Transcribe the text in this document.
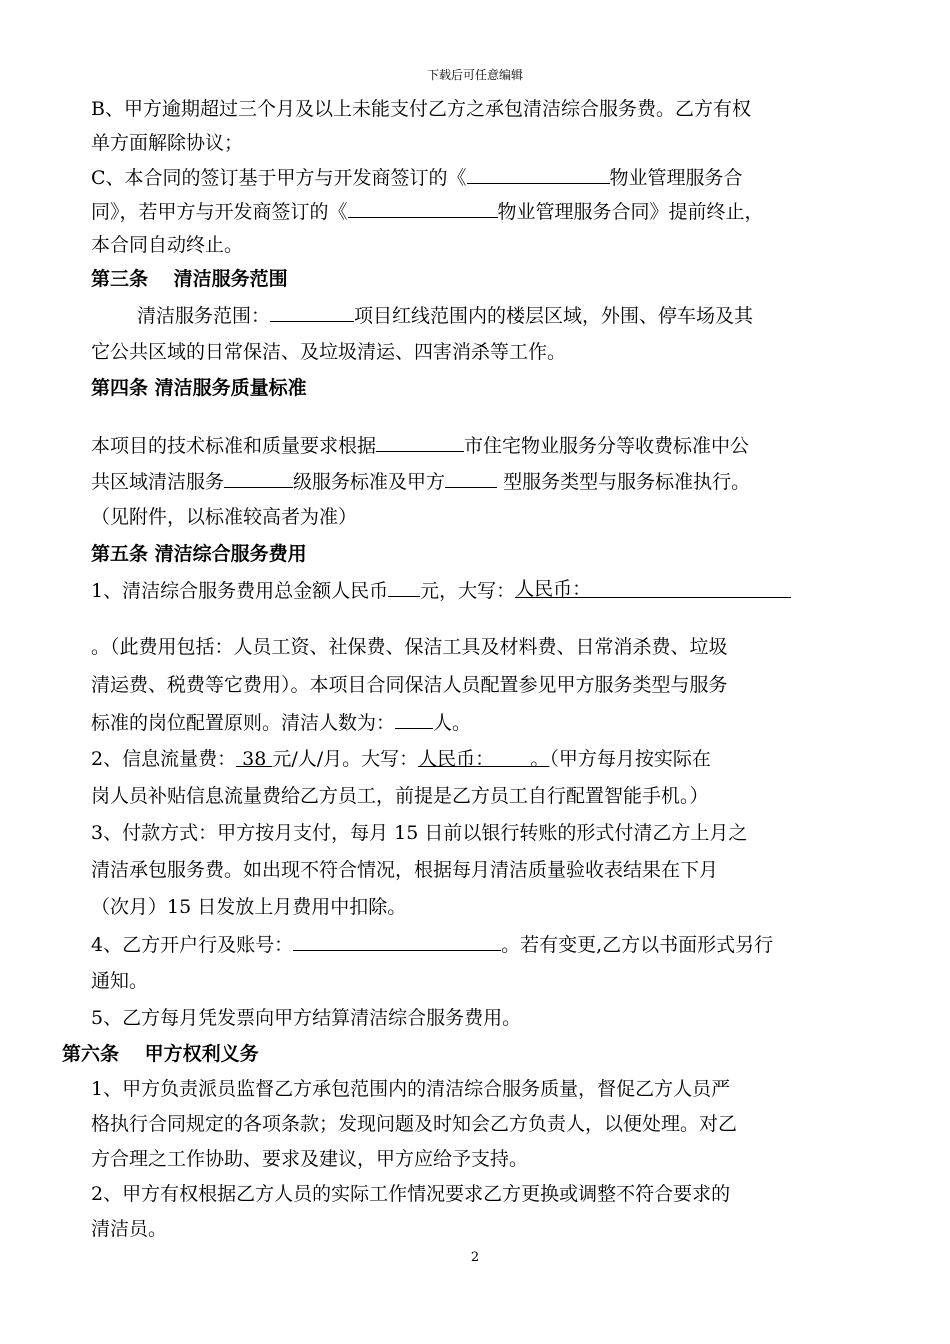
下载后可任意编辑
B、甲方逾期超过三个月及以上未能支付乙方之承包清洁综合服务费。乙方有权
单方面解除协议；
C、本合同的签订基于甲方与开发商签订的《	物业管理服务合
同》，若甲方与开发商签订的《	物业管理服务合同》提前终止，
本合同自动终止。
第三条　 清洁服务范围
清洁服务范围：	项目红线范围内的楼层区域，外围、停车场及其
它公共区域的日常保洁、及垃圾清运、四害消杀等工作。
第四条 清洁服务质量标准
本项目的技术标准和质量要求根据	市住宅物业服务分等收费标准中公
共区域清洁服务	级服务标准及甲方	型服务类型与服务标准执行。
（见附件，以标准较高者为准）
第五条 清洁综合服务费用
1、清洁综合服务费用总金额人民币 元，大写：人民币：
。（此费用包括：人员工资、社保费、保洁工具及材料费、日常消杀费、垃圾
清运费、税费等它费用）。本项目合同保洁人员配置参见甲方服务类型与服务
标准的岗位配置原则。清洁人数为： 人。
2、信息流量费： 38 元/人/月。大写：人民币：      。（甲方每月按实际在
岗人员补贴信息流量费给乙方员工，前提是乙方员工自行配置智能手机。）
3、付款方式：甲方按月支付，每月 15 日前以银行转账的形式付清乙方上月之
清洁承包服务费。如出现不符合情况，根据每月清洁质量验收表结果在下月
（次月）15 日发放上月费用中扣除。
4、乙方开户行及账号：	。若有变更,乙方以书面形式另行
通知。
5、乙方每月凭发票向甲方结算清洁综合服务费用。
第六条　 甲方权利义务
1、甲方负责派员监督乙方承包范围内的清洁综合服务质量，督促乙方人员严
格执行合同规定的各项条款；发现问题及时知会乙方负责人，以便处理。对乙
方合理之工作协助、要求及建议，甲方应给予支持。
2、甲方有权根据乙方人员的实际工作情况要求乙方更换或调整不符合要求的
清洁员。
2
